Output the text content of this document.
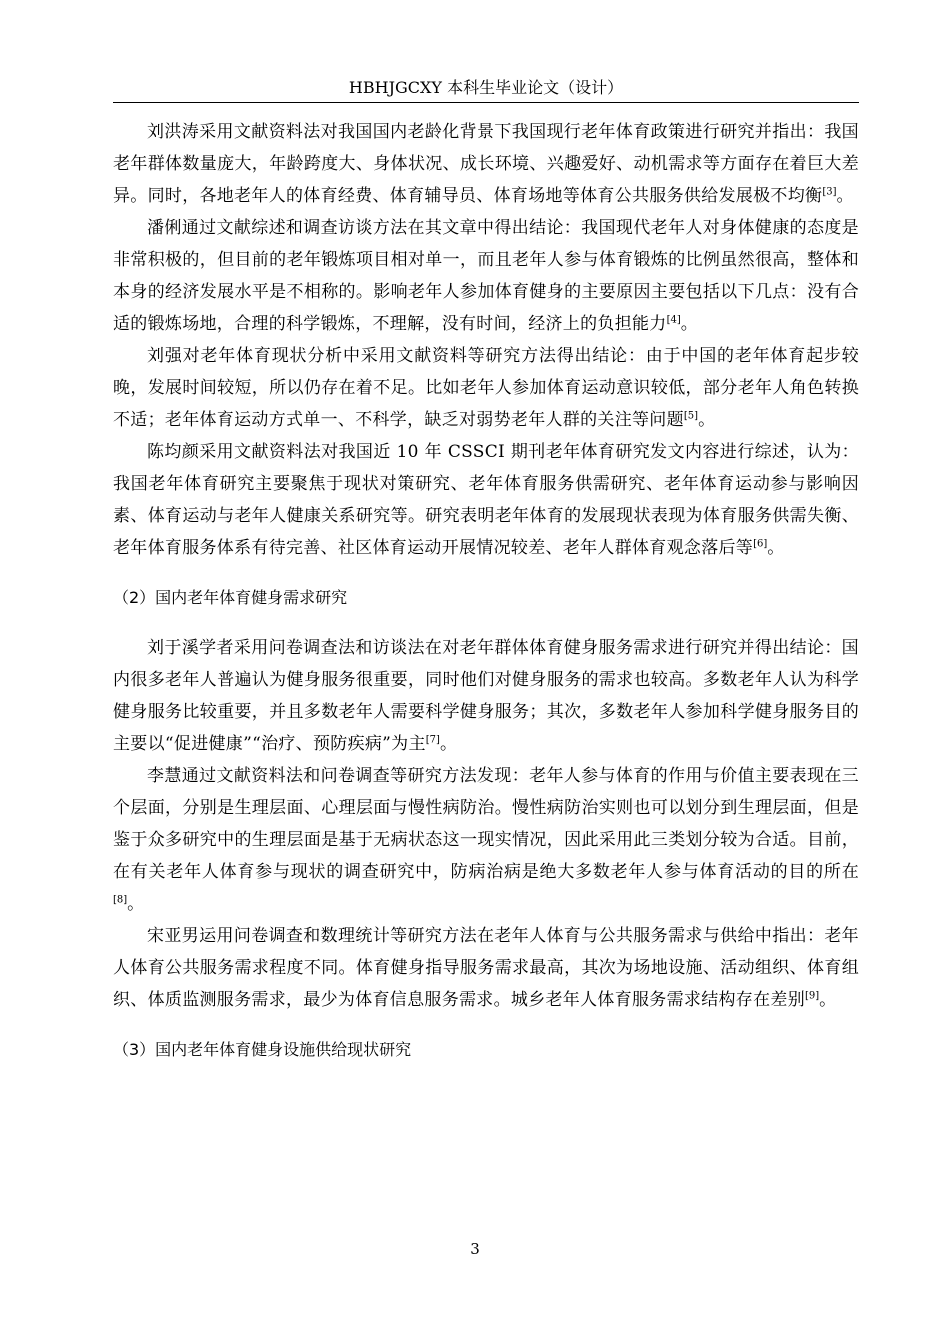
HBHJGCXY 本科生毕业论文（设计）

刘洪涛采用文献资料法对我国国内老龄化背景下我国现行老年体育政策进行研究并指出：我国老年群体数量庞大，年龄跨度大、身体状况、成长环境、兴趣爱好、动机需求等方面存在着巨大差异。同时，各地老年人的体育经费、体育辅导员、体育场地等体育公共服务供给发展极不均衡[3]。

潘俐通过文献综述和调查访谈方法在其文章中得出结论：我国现代老年人对身体健康的态度是非常积极的，但目前的老年锻炼项目相对单一，而且老年人参与体育锻炼的比例虽然很高，整体和本身的经济发展水平是不相称的。影响老年人参加体育健身的主要原因主要包括以下几点：没有合适的锻炼场地，合理的科学锻炼，不理解，没有时间，经济上的负担能力[4]。

刘强对老年体育现状分析中采用文献资料等研究方法得出结论：由于中国的老年体育起步较晚，发展时间较短，所以仍存在着不足。比如老年人参加体育运动意识较低，部分老年人角色转换不适；老年体育运动方式单一、不科学，缺乏对弱势老年人群的关注等问题[5]。

陈均颜采用文献资料法对我国近 10 年 CSSCI 期刊老年体育研究发文内容进行综述，认为：我国老年体育研究主要聚焦于现状对策研究、老年体育服务供需研究、老年体育运动参与影响因素、体育运动与老年人健康关系研究等。研究表明老年体育的发展现状表现为体育服务供需失衡、老年体育服务体系有待完善、社区体育运动开展情况较差、老年人群体育观念落后等[6]。

（2）国内老年体育健身需求研究

刘于溪学者采用问卷调查法和访谈法在对老年群体体育健身服务需求进行研究并得出结论：国内很多老年人普遍认为健身服务很重要，同时他们对健身服务的需求也较高。多数老年人认为科学健身服务比较重要，并且多数老年人需要科学健身服务；其次，多数老年人参加科学健身服务目的主要以“促进健康”“治疗、预防疾病”为主[7]。

李慧通过文献资料法和问卷调查等研究方法发现：老年人参与体育的作用与价值主要表现在三个层面，分别是生理层面、心理层面与慢性病防治。慢性病防治实则也可以划分到生理层面，但是鉴于众多研究中的生理层面是基于无病状态这一现实情况，因此采用此三类划分较为合适。目前，在有关老年人体育参与现状的调查研究中，防病治病是绝大多数老年人参与体育活动的目的所在[8]。

宋亚男运用问卷调查和数理统计等研究方法在老年人体育与公共服务需求与供给中指出：老年人体育公共服务需求程度不同。体育健身指导服务需求最高，其次为场地设施、活动组织、体育组织、体质监测服务需求，最少为体育信息服务需求。城乡老年人体育服务需求结构存在差别[9]。

（3）国内老年体育健身设施供给现状研究
3
